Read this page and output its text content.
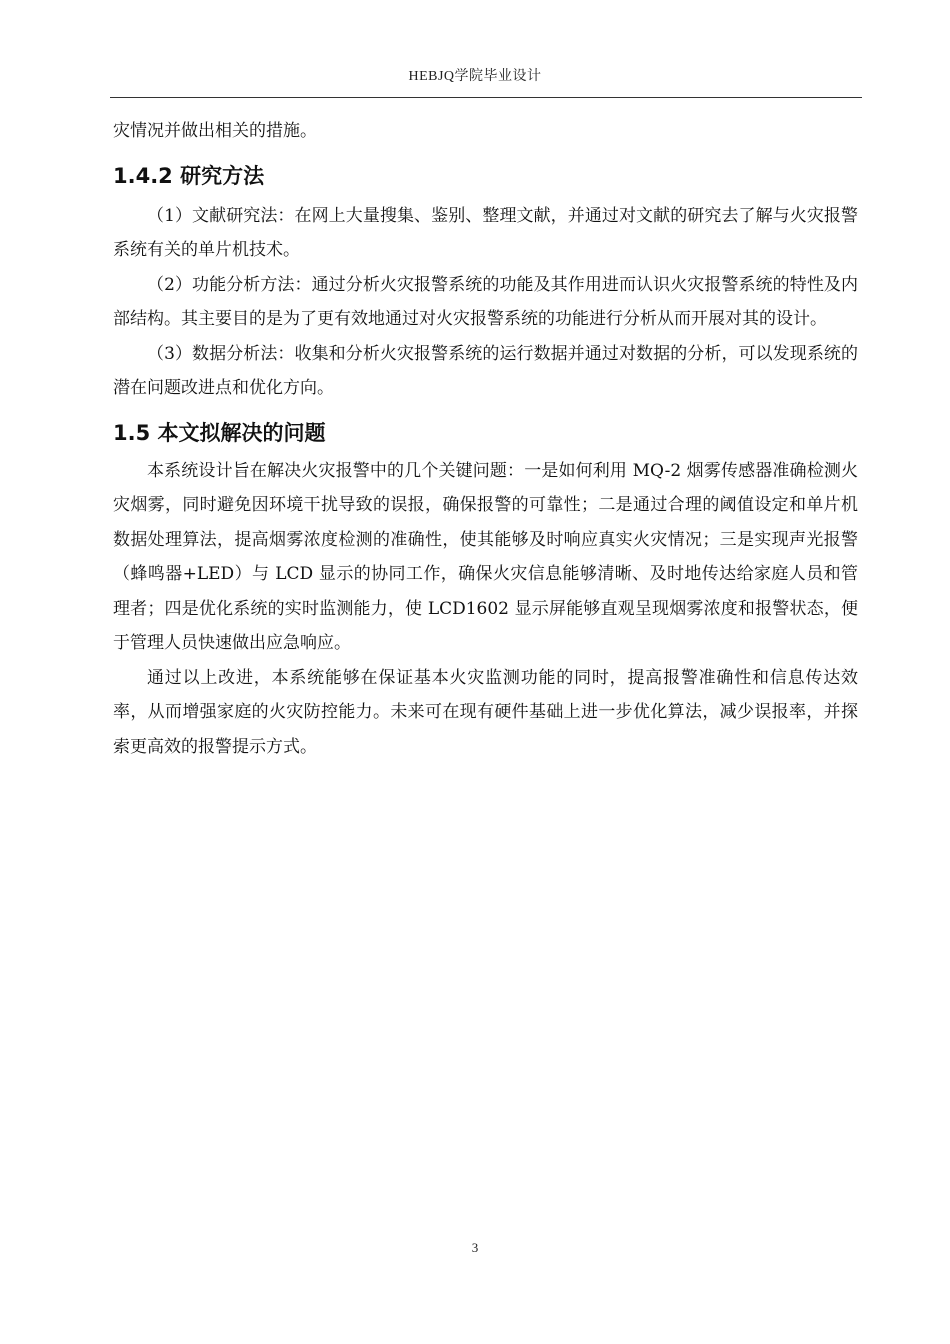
HEBJQ学院毕业设计

灾情况并做出相关的措施。

1.4.2 研究方法

（1）文献研究法：在网上大量搜集、鉴别、整理文献，并通过对文献的研究去了解与火灾报警系统有关的单片机技术。

（2）功能分析方法：通过分析火灾报警系统的功能及其作用进而认识火灾报警系统的特性及内部结构。其主要目的是为了更有效地通过对火灾报警系统的功能进行分析从而开展对其的设计。

（3）数据分析法：收集和分析火灾报警系统的运行数据并通过对数据的分析，可以发现系统的潜在问题改进点和优化方向。

1.5 本文拟解决的问题

本系统设计旨在解决火灾报警中的几个关键问题：一是如何利用 MQ-2 烟雾传感器准确检测火灾烟雾，同时避免因环境干扰导致的误报，确保报警的可靠性；二是通过合理的阈值设定和单片机数据处理算法，提高烟雾浓度检测的准确性，使其能够及时响应真实火灾情况；三是实现声光报警（蜂鸣器+LED）与 LCD 显示的协同工作，确保火灾信息能够清晰、及时地传达给家庭人员和管理者；四是优化系统的实时监测能力，使 LCD1602 显示屏能够直观呈现烟雾浓度和报警状态，便于管理人员快速做出应急响应。

通过以上改进，本系统能够在保证基本火灾监测功能的同时，提高报警准确性和信息传达效率，从而增强家庭的火灾防控能力。未来可在现有硬件基础上进一步优化算法，减少误报率，并探索更高效的报警提示方式。

3
